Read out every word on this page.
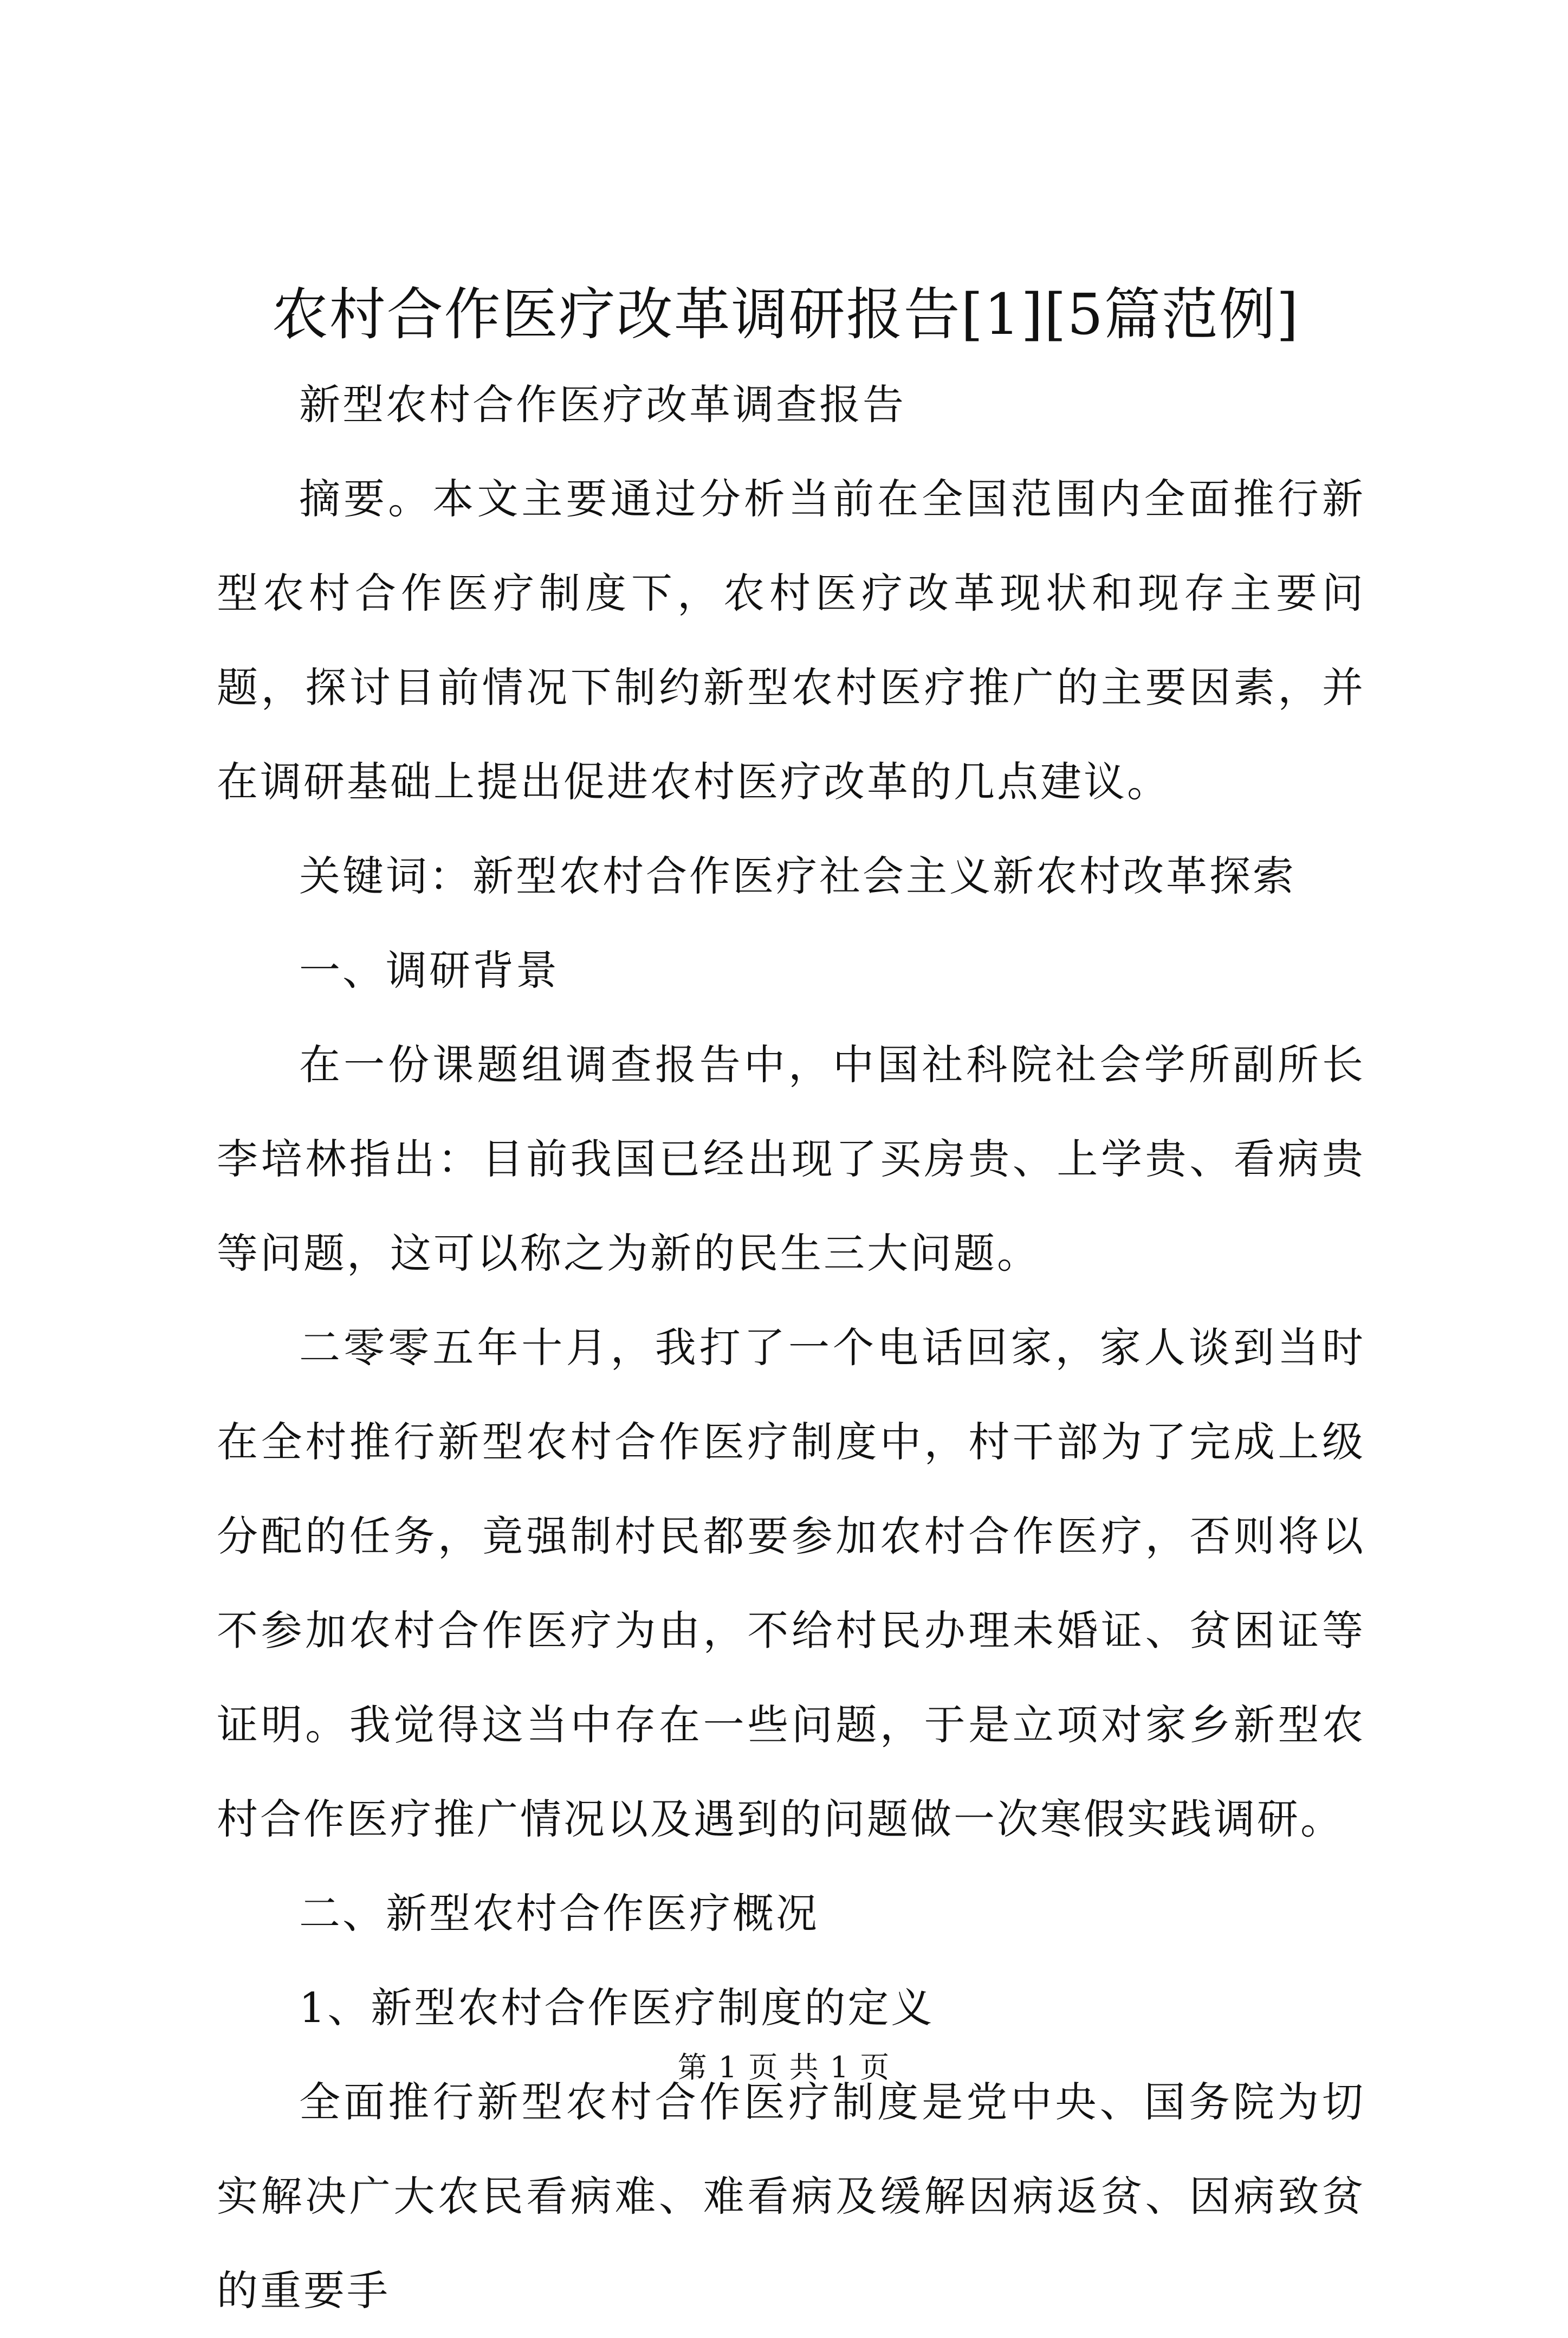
农村合作医疗改革调研报告[1][5篇范例]

新型农村合作医疗改革调查报告

摘要。本文主要通过分析当前在全国范围内全面推行新型农村合作医疗制度下，农村医疗改革现状和现存主要问题，探讨目前情况下制约新型农村医疗推广的主要因素，并在调研基础上提出促进农村医疗改革的几点建议。

关键词：新型农村合作医疗社会主义新农村改革探索

一、调研背景

在一份课题组调查报告中，中国社科院社会学所副所长李培林指出：目前我国已经出现了买房贵、上学贵、看病贵等问题，这可以称之为新的民生三大问题。

二零零五年十月，我打了一个电话回家，家人谈到当时在全村推行新型农村合作医疗制度中，村干部为了完成上级分配的任务，竟强制村民都要参加农村合作医疗，否则将以不参加农村合作医疗为由，不给村民办理未婚证、贫困证等证明。我觉得这当中存在一些问题，于是立项对家乡新型农村合作医疗推广情况以及遇到的问题做一次寒假实践调研。

二、新型农村合作医疗概况

1、新型农村合作医疗制度的定义

全面推行新型农村合作医疗制度是党中央、国务院为切实解决广大农民看病难、难看病及缓解因病返贫、因病致贫的重要手

第 1 页 共 1 页
